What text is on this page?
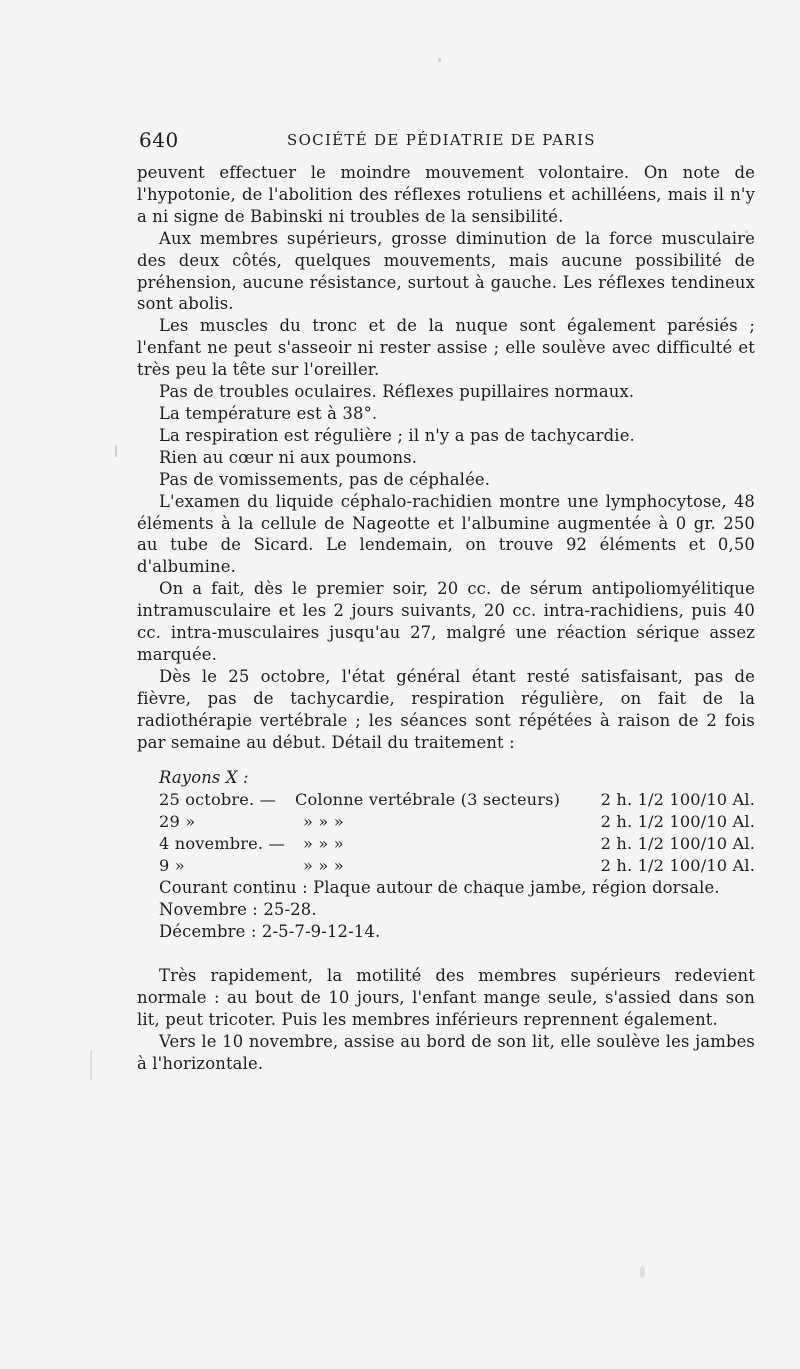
640	SOCIÉTÉ DE PÉDIATRIE DE PARIS

peuvent effectuer le moindre mouvement volontaire. On note de l'hypotonie, de l'abolition des réflexes rotuliens et achilléens, mais il n'y a ni signe de Babinski ni troubles de la sensibilité.

Aux membres supérieurs, grosse diminution de la force musculaire des deux côtés, quelques mouvements, mais aucune possibilité de préhension, aucune résistance, surtout à gauche. Les réflexes tendineux sont abolis.

Les muscles du tronc et de la nuque sont également parésiés ; l'enfant ne peut s'asseoir ni rester assise ; elle soulève avec difficulté et très peu la tête sur l'oreiller.

Pas de troubles oculaires. Réflexes pupillaires normaux.

La température est à 38°.

La respiration est régulière ; il n'y a pas de tachycardie.

Rien au cœur ni aux poumons.

Pas de vomissements, pas de céphalée.

L'examen du liquide céphalo-rachidien montre une lymphocytose, 48 éléments à la cellule de Nageotte et l'albumine augmentée à 0 gr. 250 au tube de Sicard. Le lendemain, on trouve 92 éléments et 0,50 d'albumine.

On a fait, dès le premier soir, 20 cc. de sérum antipoliomyélitique intramusculaire et les 2 jours suivants, 20 cc. intra-rachidiens, puis 40 cc. intra-musculaires jusqu'au 27, malgré une réaction sérique assez marquée.

Dès le 25 octobre, l'état général étant resté satisfaisant, pas de fièvre, pas de tachycardie, respiration régulière, on fait de la radiothérapie vertébrale ; les séances sont répétées à raison de 2 fois par semaine au début. Détail du traitement :

Rayons X :
25 octobre. —	Colonne vertébrale (3 secteurs)	2 h. 1/2 100/10 Al.
29 »	» » »	2 h. 1/2 100/10 Al.
4 novembre. —	» » »	2 h. 1/2 100/10 Al.
9 »	» » »	2 h. 1/2 100/10 Al.

Courant continu : Plaque autour de chaque jambe, région dorsale.

Novembre : 25-28.

Décembre : 2-5-7-9-12-14.

Très rapidement, la motilité des membres supérieurs redevient normale : au bout de 10 jours, l'enfant mange seule, s'assied dans son lit, peut tricoter. Puis les membres inférieurs reprennent également.

Vers le 10 novembre, assise au bord de son lit, elle soulève les jambes à l'horizontale.
